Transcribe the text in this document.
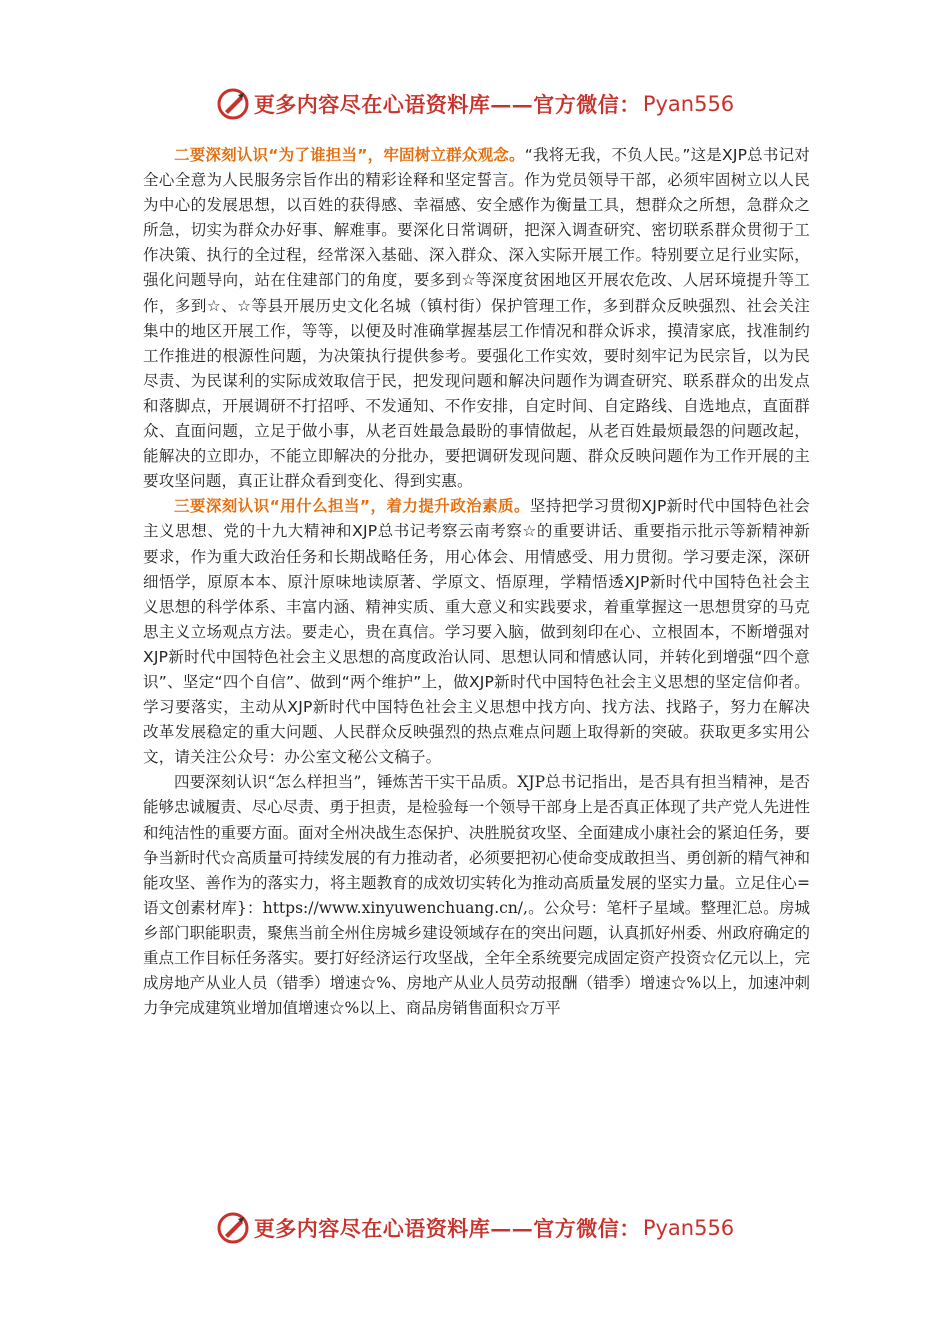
更多内容尽在心语资料库——官方微信： Pyan556

二要深刻认识“为了谁担当”，牢固树立群众观念。“我将无我，不负人民。”这是XJP总书记对全心全意为人民服务宗旨作出的精彩诠释和坚定誓言。作为党员领导干部，必须牢固树立以人民为中心的发展思想，以百姓的获得感、幸福感、安全感作为衡量工具，想群众之所想，急群众之所急，切实为群众办好事、解难事。要深化日常调研，把深入调查研究、密切联系群众贯彻于工作决策、执行的全过程，经常深入基础、深入群众、深入实际开展工作。特别要立足行业实际，强化问题导向，站在住建部门的角度，要多到☆等深度贫困地区开展农危改、人居环境提升等工作，多到☆、☆等县开展历史文化名城（镇村街）保护管理工作，多到群众反映强烈、社会关注集中的地区开展工作，等等，以便及时准确掌握基层工作情况和群众诉求，摸清家底，找准制约工作推进的根源性问题，为决策执行提供参考。要强化工作实效，要时刻牢记为民宗旨，以为民尽责、为民谋利的实际成效取信于民，把发现问题和解决问题作为调查研究、联系群众的出发点和落脚点，开展调研不打招呼、不发通知、不作安排，自定时间、自定路线、自选地点，直面群众、直面问题，立足于做小事，从老百姓最急最盼的事情做起，从老百姓最烦最怨的问题改起，能解决的立即办，不能立即解决的分批办，要把调研发现问题、群众反映问题作为工作开展的主要攻坚问题，真正让群众看到变化、得到实惠。

三要深刻认识“用什么担当”，着力提升政治素质。坚持把学习贯彻XJP新时代中国特色社会主义思想、党的十九大精神和XJP总书记考察云南考察☆的重要讲话、重要指示批示等新精神新要求，作为重大政治任务和长期战略任务，用心体会、用情感受、用力贯彻。学习要走深，深研细悟学，原原本本、原汁原味地读原著、学原文、悟原理，学精悟透XJP新时代中国特色社会主义思想的科学体系、丰富内涵、精神实质、重大意义和实践要求，着重掌握这一思想贯穿的马克思主义立场观点方法。要走心，贵在真信。学习要入脑，做到刻印在心、立根固本，不断增强对XJP新时代中国特色社会主义思想的高度政治认同、思想认同和情感认同，并转化到增强“四个意识”、坚定“四个自信”、做到“两个维护”上，做XJP新时代中国特色社会主义思想的坚定信仰者。学习要落实，主动从XJP新时代中国特色社会主义思想中找方向、找方法、找路子，努力在解决改革发展稳定的重大问题、人民群众反映强烈的热点难点问题上取得新的突破。获取更多实用公文，请关注公众号：办公室文秘公文稿子。

四要深刻认识“怎么样担当”，锤炼苦干实干品质。XJP总书记指出，是否具有担当精神，是否能够忠诚履责、尽心尽责、勇于担责，是检验每一个领导干部身上是否真正体现了共产党人先进性和纯洁性的重要方面。面对全州决战生态保护、决胜脱贫攻坚、全面建成小康社会的紧迫任务，要争当新时代☆高质量可持续发展的有力推动者，必须要把初心使命变成敢担当、勇创新的精气神和能攻坚、善作为的落实力，将主题教育的成效切实转化为推动高质量发展的坚实力量。立足住心=语文创素材库}：https://www.xinyuwenchuang.cn/,。公众号：笔杆子星域。整理汇总。房城乡部门职能职责，聚焦当前全州住房城乡建设领域存在的突出问题，认真抓好州委、州政府确定的重点工作目标任务落实。要打好经济运行攻坚战，全年全系统要完成固定资产投资☆亿元以上，完成房地产从业人员（错季）增速☆%、房地产从业人员劳动报酬（错季）增速☆%以上，加速冲刺力争完成建筑业增加值增速☆%以上、商品房销售面积☆万平

更多内容尽在心语资料库——官方微信： Pyan556
